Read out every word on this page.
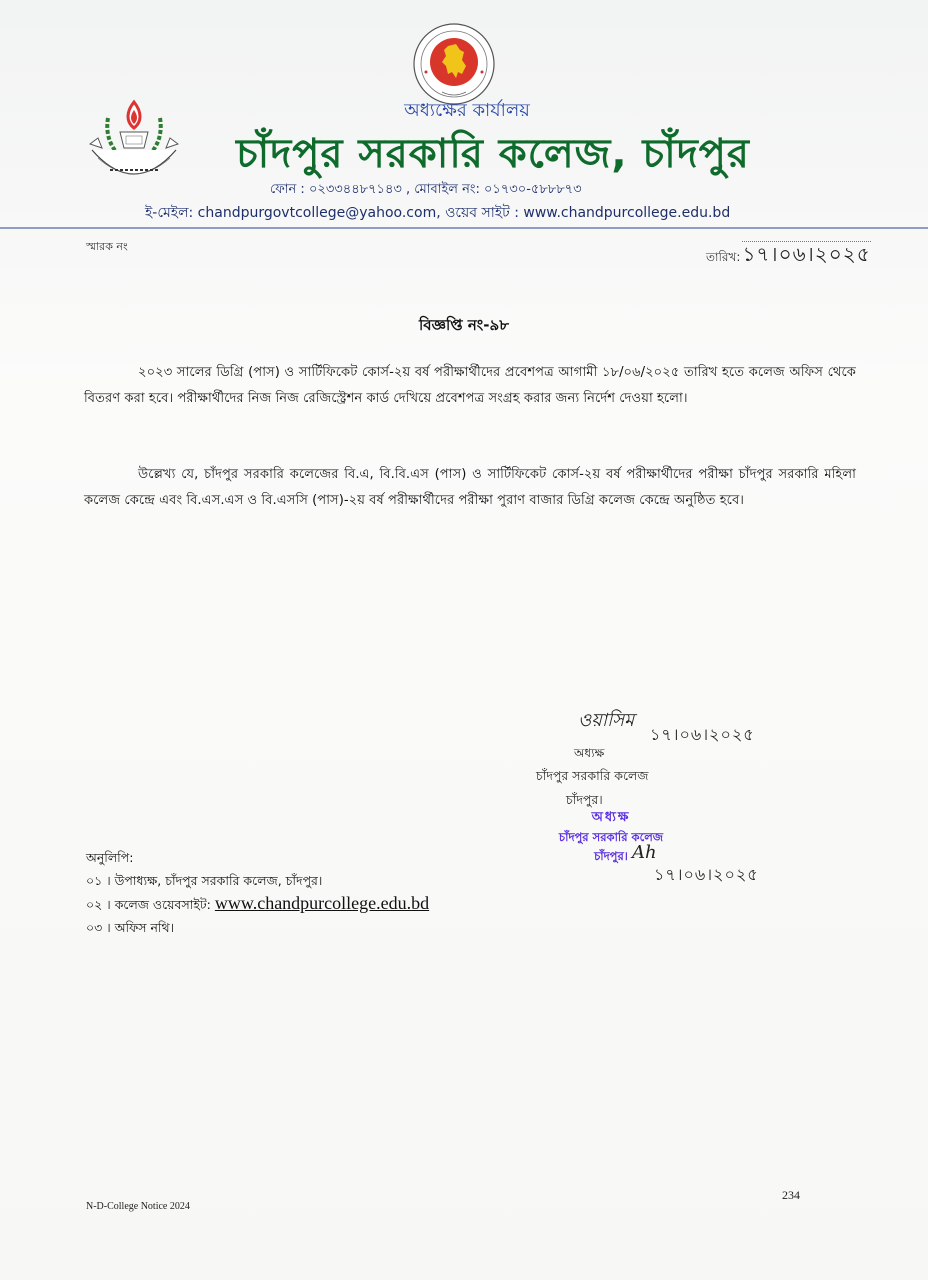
অধ্যক্ষের কার্যালয়
চাঁদপুর সরকারি কলেজ, চাঁদপুর
ফোন : ০২৩৩৪৪৮৭১৪৩ , মোবাইল নং: ০১৭৩০-৫৮৮৮৭৩
ই-মেইল: chandpurgovtcollege@yahoo.com, ওয়েব সাইট : www.chandpurcollege.edu.bd
স্মারক নং
তারিখ: ১৭।০৬।২০২৫
বিজ্ঞপ্তি নং-৯৮
২০২৩ সালের ডিগ্রি (পাস) ও সার্টিফিকেট কোর্স-২য় বর্ষ পরীক্ষার্থীদের প্রবেশপত্র আগামী ১৮/০৬/২০২৫ তারিখ হতে কলেজ অফিস থেকে বিতরণ করা হবে। পরীক্ষার্থীদের নিজ নিজ রেজিস্ট্রেশন কার্ড দেখিয়ে প্রবেশপত্র সংগ্রহ করার জন্য নির্দেশ দেওয়া হলো।
উল্লেখ্য যে, চাঁদপুর সরকারি কলেজের বি.এ, বি.বি.এস (পাস) ও সার্টিফিকেট কোর্স-২য় বর্ষ পরীক্ষার্থীদের পরীক্ষা চাঁদপুর সরকারি মহিলা কলেজ কেন্দ্রে এবং বি.এস.এস ও বি.এসসি (পাস)-২য় বর্ষ পরীক্ষার্থীদের পরীক্ষা পুরাণ বাজার ডিগ্রি কলেজ কেন্দ্রে অনুষ্ঠিত হবে।
ওয়াসিম
১৭।০৬।২০২৫
অধ্যক্ষ
চাঁদপুর সরকারি কলেজ
চাঁদপুর।
অধ্যক্ষ
চাঁদপুর সরকারি কলেজ
চাঁদপুর। Ah
১৭।০৬।২০২৫
অনুলিপি:
০১ । উপাধ্যক্ষ, চাঁদপুর সরকারি কলেজ, চাঁদপুর।
০২ । কলেজ ওয়েবসাইট: www.chandpurcollege.edu.bd
০৩ । অফিস নথি।
N-D-College Notice 2024
234
